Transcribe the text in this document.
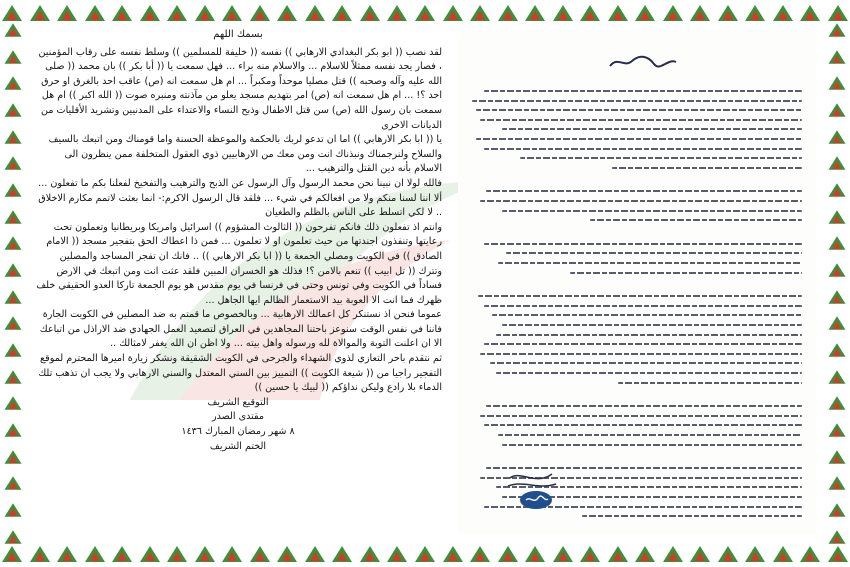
بسمك اللهم

لقد نصب (( ابو بكر البغدادي الارهابي )) نفسه (( خليفة للمسلمين )) وسلط نفسه على رقاب المؤمنين ، فصار يجد نفسه ممثلاً للاسلام ... والاسلام منه براء ... فهل سمعت يا (( أبا بكر )) بان محمد (( صلى الله عليه وآله وصحبه )) قتل مصليا موحداً ومكبراً ... ام هل سمعت انه (ص) عاقب احد بالغرق او حرق احد ؟! ... ام هل سمعت انه (ص) امر بتهديم مسجد يعلو من مآذنته ومنبره صوت (( الله اكبر )) ام هل سمعت بان رسول الله (ص) سن قتل الاطفال وذبح النساء والاعتداء على المدنيين وتشريد الأقليات من الديانات الاخرى

يا (( ابا بكر الارهابي )) اما ان تدعو لربك بالحكمة والموعظة الحسنة واما قومناك ومن اتبعك بالسيف والسلاح ولنرجمناك ونبذناك انت ومن معك من الارهابيين ذوي العقول المتخلفة ممن ينظرون الى الاسلام بأنه دين القتل والترهيب ...

فالله لولا ان نبينا نحن محمد الرسول وآل الرسول عن الذبح والترهيب والتفخيخ لفعلنا بكم ما تفعلون ... ألا اننا لسنا منكم ولا من افعالكم في شيء ... فلقد قال الرسول الاكرم:- انما بعثت لاتمم مكارم الاخلاق .. لا لكي اتسلط على الناس بالظلم والطغيان

وانتم اذ تفعلون ذلك فانكم تفرحون (( الثالوث المشؤوم )) اسرائيل وامريكا وبريطانيا وتعملون تحت رعايتها وتنفذون اجندتها من حيث تعلمون او لا تعلمون ... فمن ذا اعطاك الحق بتفجير مسجد (( الامام الصادق )) في الكويت ومصلي الجمعة يا (( ابا بكر الارهابي )) .. فانك ان تفجر المساجد والمصلين وتترك (( تل ابيب )) تنعم بالامن ؟! فذلك هو الخسران المبين فلقد عثت انت ومن اتبعك في الارض فساداً في الكويت وفي تونس وحتى في فرنسا في يوم مقدس هو يوم الجمعة تاركا العدو الحقيقي خلف ظهرك فما انت الا العوبة بيد الاستعمار الظالم ايها الجاهل ...

عموما فنحن اذ نستنكر كل اعمالك الارهابية ... وبالخصوص ما قمتم به ضد المصلين في الكويت الجارة فاننا في نفس الوقت سنوعز باحتنا المجاهدين في العراق لتصعيد العمل الجهادي ضد الاراذل من اتباعك الا ان اعلنت التوبة والموالاة لله ورسوله واهل بيته ... ولا اظن ان الله يغفر لامثالك ..

ثم نتقدم باحر التعازي لذوي الشهداء والجرحى في الكويت الشقيقة ونشكر زيارة اميرها المحترم لموقع التفجير راجيا من (( شيعة الكويت )) التمييز بين السني المعتدل والسني الارهابي ولا يجب ان تذهب تلك الدماء بلا رادع وليكن نداؤكم (( لبيك يا حسين ))

التوقيع الشريف
مقتدى الصدر
٨ شهر رمضان المبارك ١٤٣٦
الختم الشريف
